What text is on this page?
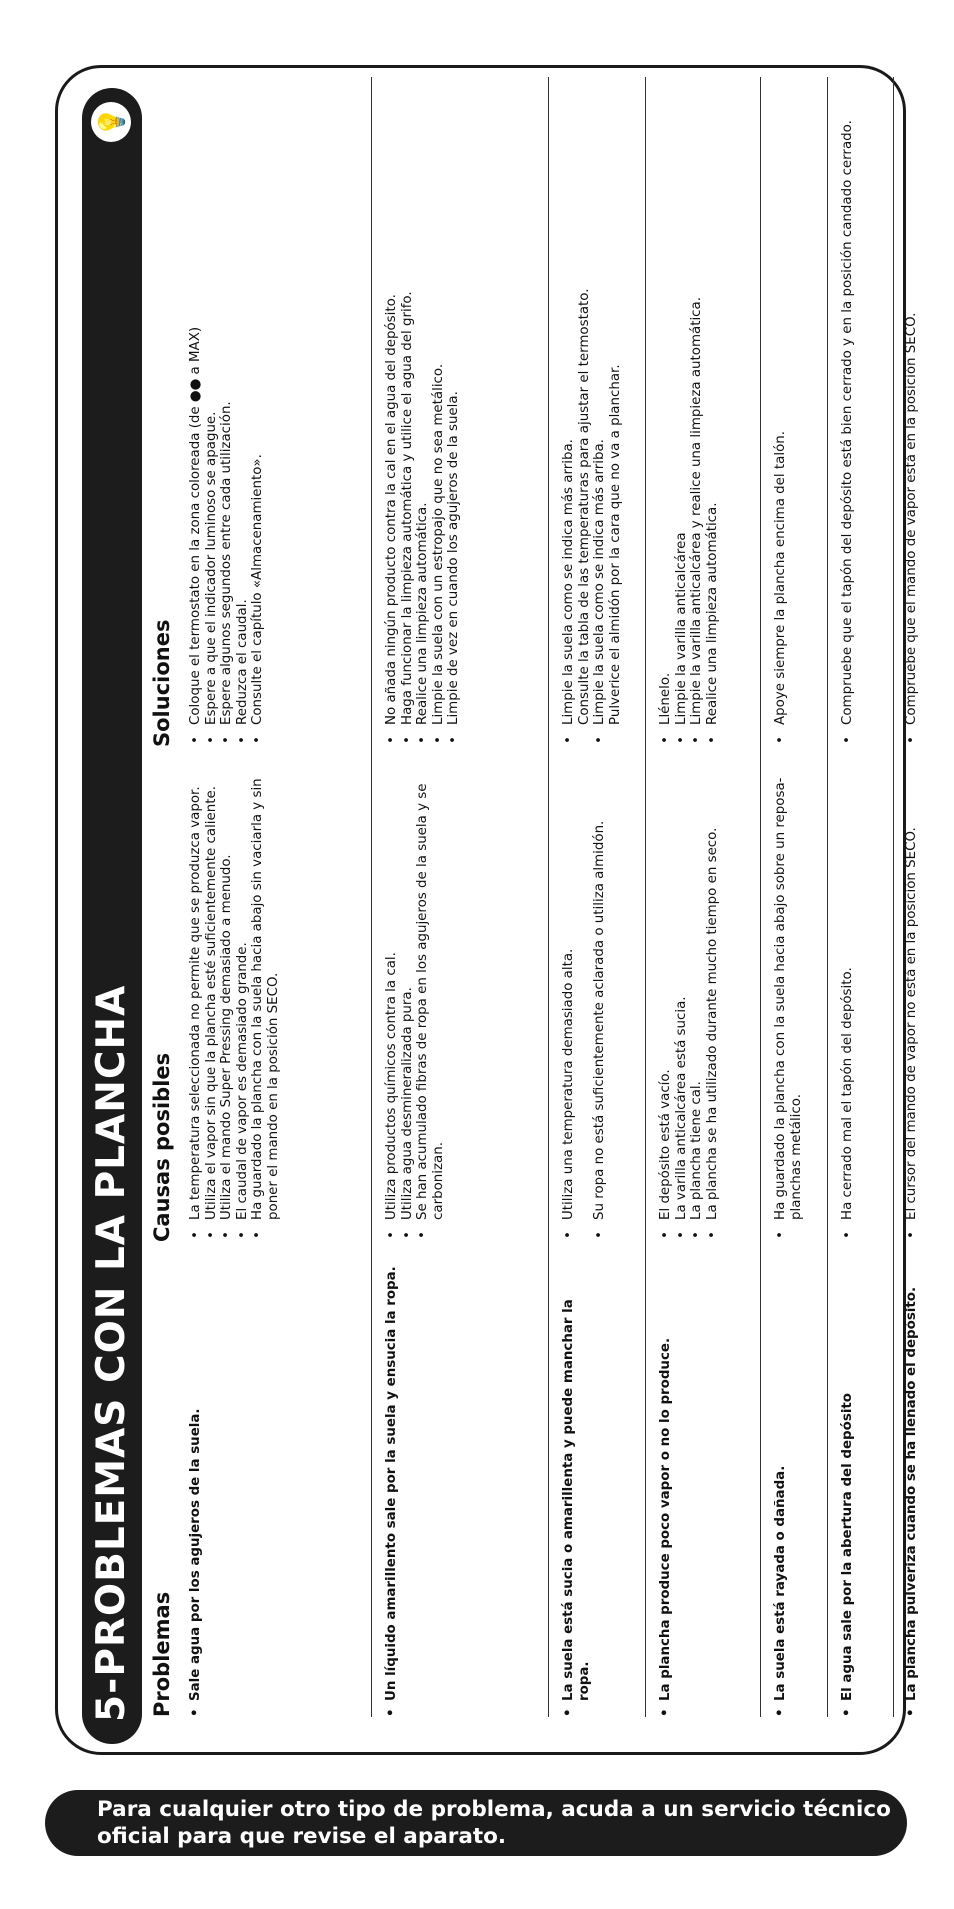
5-PROBLEMAS CON LA PLANCHA
💡
Problemas
Causas posibles
Soluciones
• Sale agua por los agujeros de la suela.
• La temperatura seleccionada no permite que se produzca vapor. • Utiliza el vapor sin que la plancha esté suficientemente caliente. • Utiliza el mando Super Pressing demasiado a menudo. • El caudal de vapor es demasiado grande. • Ha guardado la plancha con la suela hacia abajo sin vaciarla y sin poner el mando en la posición SECO.
• Coloque el termostato en la zona coloreada (de ●● a MAX) • Espere a que el indicador luminoso se apague. • Espere algunos segundos entre cada utilización. • Reduzca el caudal. • Consulte el capítulo «Almacenamiento».
• Un líquido amarillento sale por la suela y ensucia la ropa.
• Utiliza productos químicos contra la cal. • Utiliza agua desmineralizada pura. • Se han acumulado fibras de ropa en los agujeros de la suela y se carbonizan.
• No añada ningún producto contra la cal en el agua del depósito. • Haga funcionar la limpieza automática y utilice el agua del grifo. • Realice una limpieza automática. • Limpie la suela con un estropajo que no sea metálico. • Limpie de vez en cuando los agujeros de la suela.
• La suela está sucia o amarillenta y puede manchar la ropa.
• Utiliza una temperatura demasiado alta. • Su ropa no está suficientemente aclarada o utiliza almidón.
• Limpie la suela como se indica más arriba. Consulte la tabla de las temperaturas para ajustar el termostato. • Limpie la suela como se indica más arriba. Pulverice el almidón por la cara que no va a planchar.
• La plancha produce poco vapor o no lo produce.
• El depósito está vacío. • La varilla anticalcárea está sucia. • La plancha tiene cal. • La plancha se ha utilizado durante mucho tiempo en seco.
• Llénelo. • Limpie la varilla anticalcárea • Limpie la varilla anticalcárea y realice una limpieza automática. • Realice una limpieza automática.
• La suela está rayada o dañada.
• Ha guardado la plancha con la suela hacia abajo sobre un reposa-planchas metálico.
• Apoye siempre la plancha encima del talón.
• El agua sale por la abertura del depósito
• Ha cerrado mal el tapón del depósito.
• Compruebe que el tapón del depósito está bien cerrado y en la posición candado cerrado.
• La plancha pulveriza cuando se ha llenado el depósito.
• El cursor del mando de vapor no está en la posición SECO.
• Compruebe que el mando de vapor está en la posición SECO.
Para cualquier otro tipo de problema, acuda a un servicio técnico oficial para que revise el aparato.
